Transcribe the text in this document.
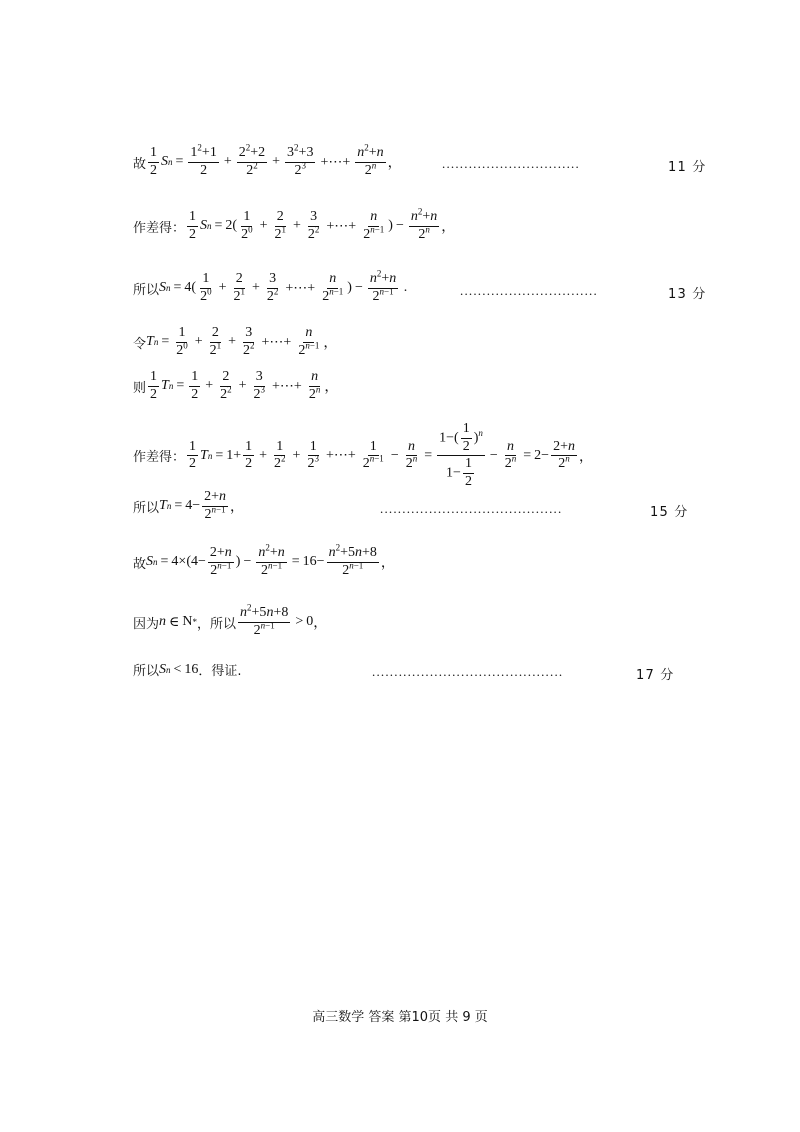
故 $\frac{1}{2}$ S $n = \frac{1^2+1}{2} + \frac{2^2+2}{2^2} + \frac{3^2+3}{2^3}$ +⋯+ $\frac{n^2+n}{2^n}$ ，	...............................	11 分
作差得： $\frac{1}{2}$ S $n = 2( \frac{1}{2^0} + \frac{2}{2^1} + \frac{3}{2^2}$ +⋯+ $\frac{n}{2^{n-1}}$ ) − $\frac{n^2+n}{2^n}$ ，
所以 S $n = 4( \frac{1}{2^0} + \frac{2}{2^1} + \frac{3}{2^2}$ +⋯+ $\frac{n}{2^{n-1}}$ ) − $\frac{n^2+n}{2^{n-1}}$ .	...............................	13 分
令 T $n = \frac{1}{2^0} + \frac{2}{2^1} + \frac{3}{2^2}$ +⋯+ $\frac{n}{2^{n-1}}$ ，
则 $\frac{1}{2}$ T $n = \frac{1}{2} + \frac{2}{2^2} + \frac{3}{2^3}$ +⋯+ $\frac{n}{2^n}$ ，
作差得： $\frac{1}{2}$ T $n = 1+ \frac{1}{2} + \frac{1}{2^2} + \frac{1}{2^3}$ +⋯+ $\frac{1}{2^{n-1}} - \frac{n}{2^n} = \frac{1-( \frac{1}{2} )^n}{1- \frac{1}{2}} - \frac{n}{2^n} = 2- \frac{2+n}{2^n}$ ，
所以 T $n = 4- \frac{2+n}{2^{n-1}}$ ，	.........................................	15 分
故 S $n = 4\times(4- \frac{2+n}{2^{n-1}}$ ) − $\frac{n^2+n}{2^{n-1}} = 16- \frac{n^2+5n+8}{2^{n-1}}$ ，
因为 n ∈ N * ，所以 $\frac{n^2+5n+8}{2^{n-1}} > 0$ ，
所以 S n < 16 ．得证.	...........................................	17 分
高三数学 答案 第10页 共 9 页
